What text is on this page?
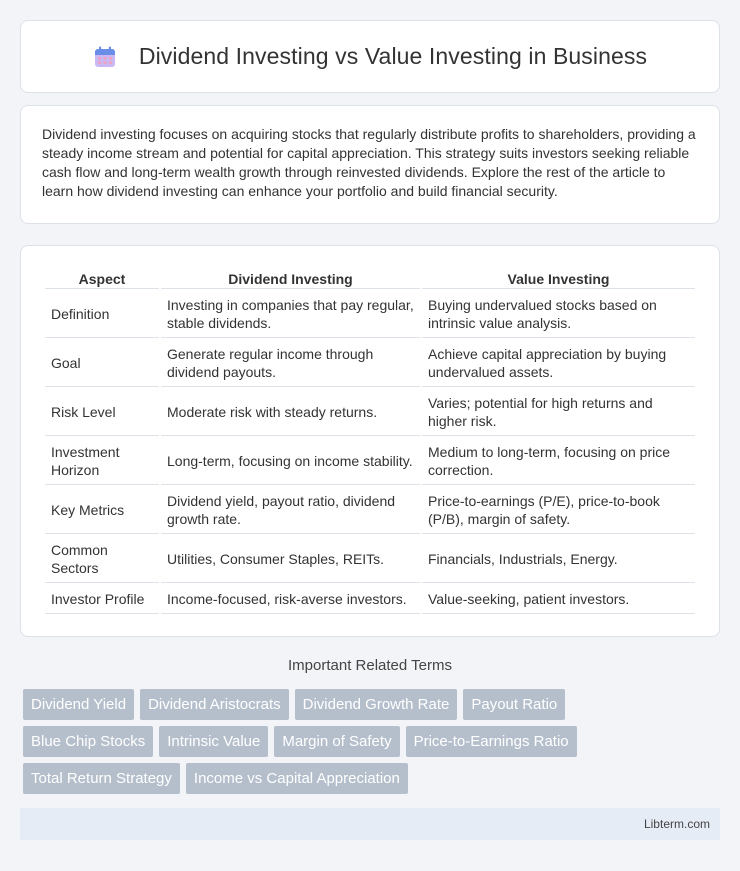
Dividend Investing vs Value Investing in Business

Dividend investing focuses on acquiring stocks that regularly distribute profits to shareholders, providing a steady income stream and potential for capital appreciation. This strategy suits investors seeking reliable cash flow and long-term wealth growth through reinvested dividends. Explore the rest of the article to learn how dividend investing can enhance your portfolio and build financial security.

Aspect	Dividend Investing	Value Investing
Definition	Investing in companies that pay regular, stable dividends.	Buying undervalued stocks based on intrinsic value analysis.
Goal	Generate regular income through dividend payouts.	Achieve capital appreciation by buying undervalued assets.
Risk Level	Moderate risk with steady returns.	Varies; potential for high returns and higher risk.
Investment Horizon	Long-term, focusing on income stability.	Medium to long-term, focusing on price correction.
Key Metrics	Dividend yield, payout ratio, dividend growth rate.	Price-to-earnings (P/E), price-to-book (P/B), margin of safety.
Common Sectors	Utilities, Consumer Staples, REITs.	Financials, Industrials, Energy.
Investor Profile	Income-focused, risk-averse investors.	Value-seeking, patient investors.
Important Related Terms
Dividend Yield	Dividend Aristocrats	Dividend Growth Rate	Payout Ratio
Blue Chip Stocks	Intrinsic Value	Margin of Safety	Price-to-Earnings Ratio
Total Return Strategy	Income vs Capital Appreciation
Libterm.com
